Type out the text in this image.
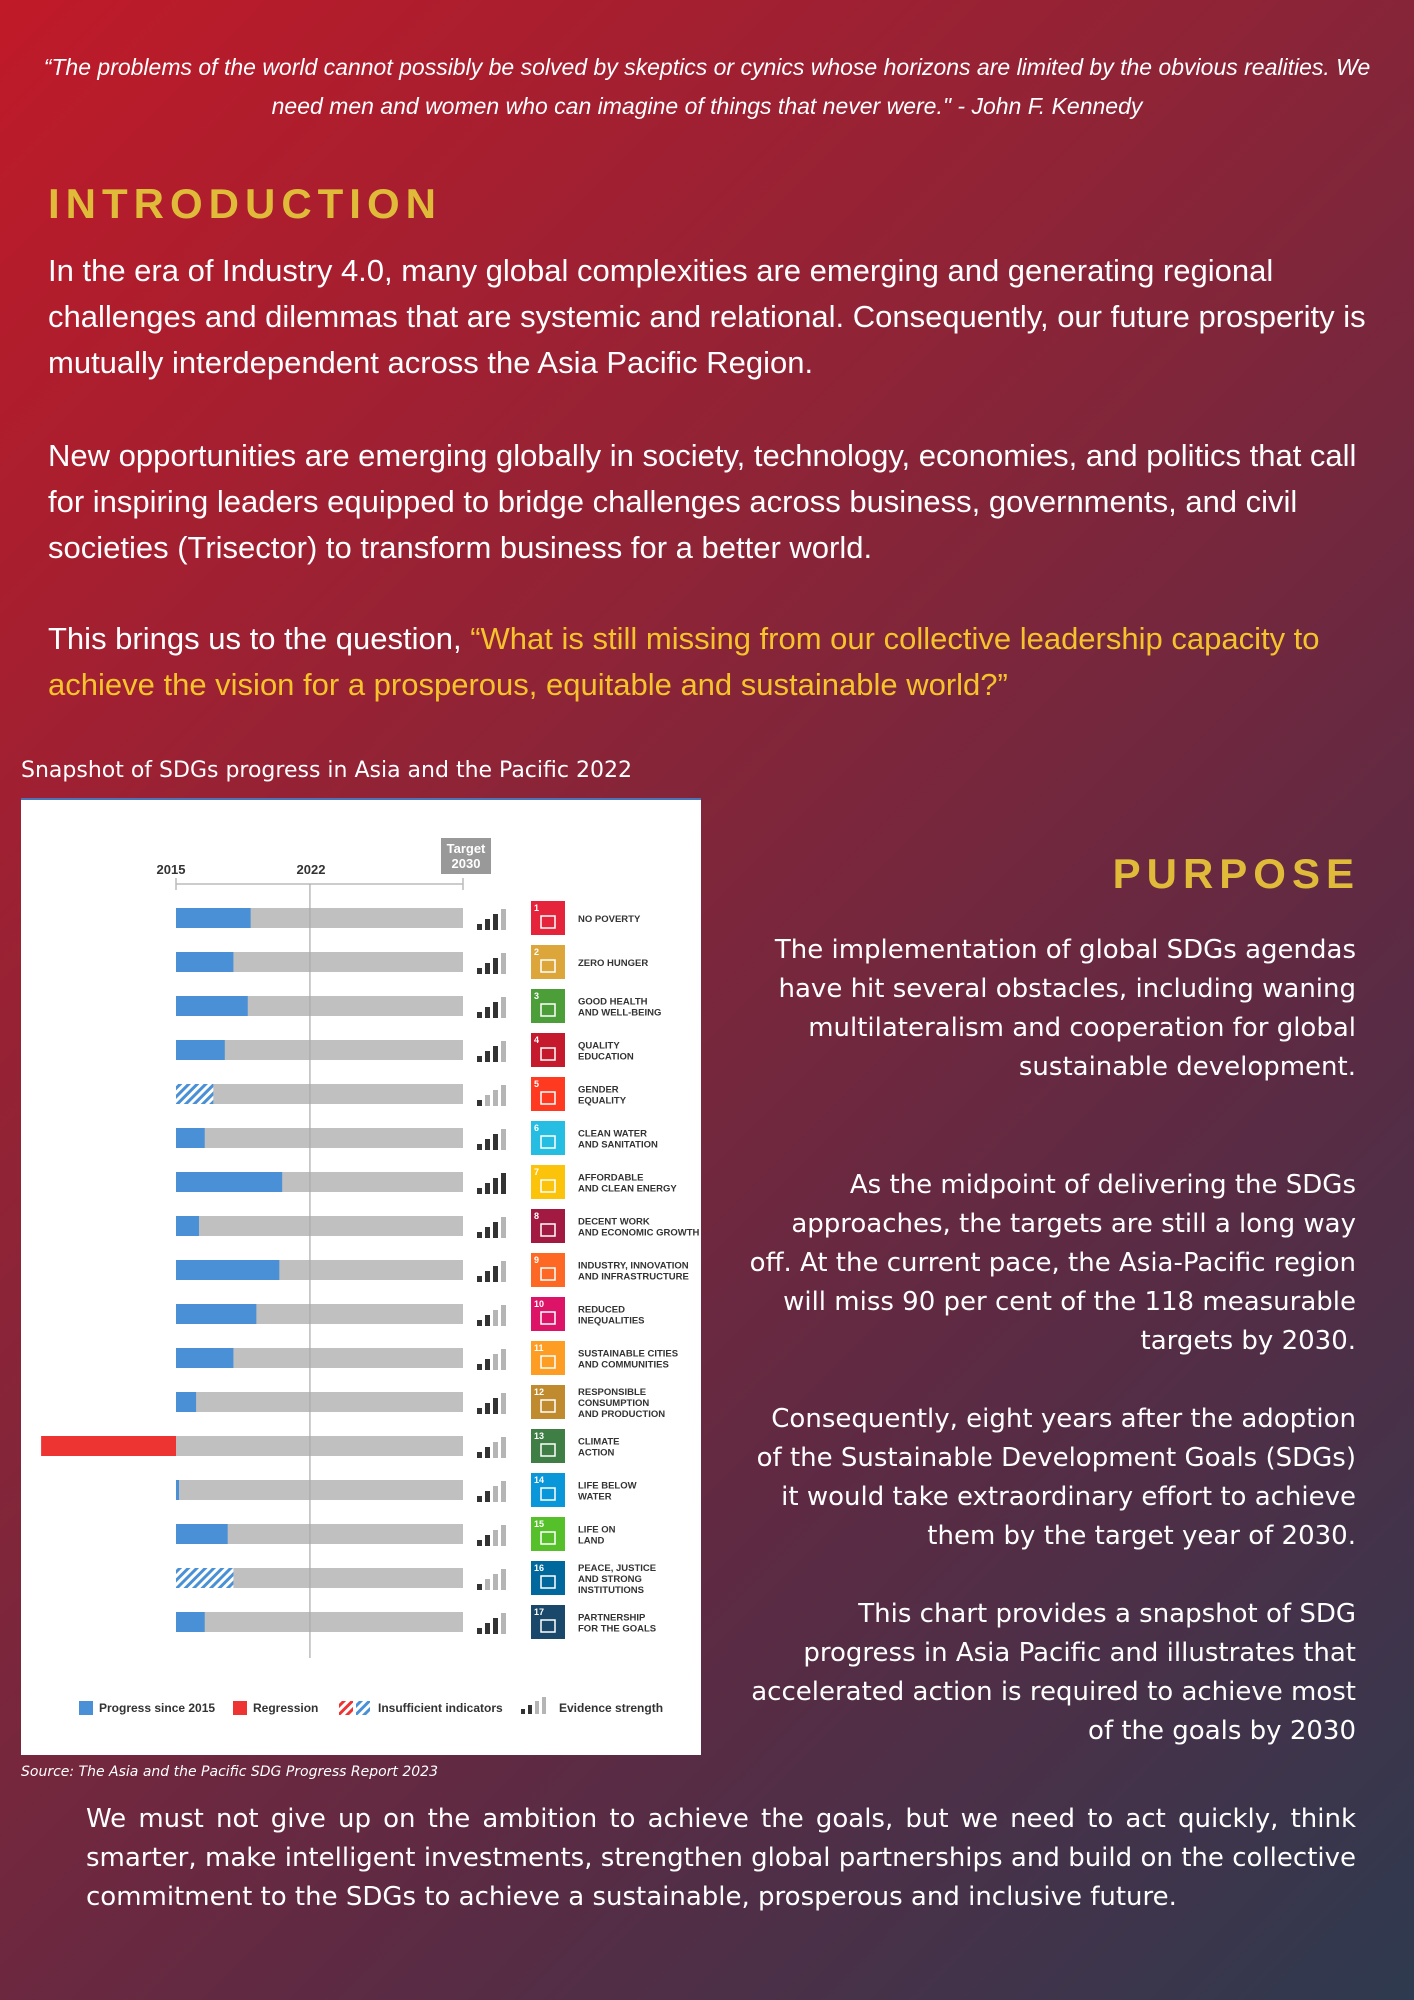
“The problems of the world cannot possibly be solved by skeptics or cynics whose horizons are limited by the obvious realities. We need men and women who can imagine of things that never were." - John F. Kennedy
INTRODUCTION
In the era of Industry 4.0, many global complexities are emerging and generating regional challenges and dilemmas that are systemic and relational. Consequently, our future prosperity is mutually interdependent across the Asia Pacific Region.
New opportunities are emerging globally in society, technology, economies, and politics that call for inspiring leaders equipped to bridge challenges across business, governments, and civil societies (Trisector) to transform business for a better world.
This brings us to the question, “What is still missing from our collective leadership capacity to achieve the vision for a prosperous, equitable and sustainable world?”
Snapshot of SDGs progress in Asia and the Pacific 2022
2015	2022
Target
2030
1
NO POVERTY
2
ZERO HUNGER
3
GOOD HEALTH
AND WELL-BEING
4
QUALITY
EDUCATION
5
GENDER
EQUALITY
6
CLEAN WATER
AND SANITATION
7
AFFORDABLE
AND CLEAN ENERGY
8
DECENT WORK
AND ECONOMIC GROWTH
9
INDUSTRY, INNOVATION
AND INFRASTRUCTURE
10
REDUCED
INEQUALITIES
11
SUSTAINABLE CITIES
AND COMMUNITIES
12	RESPONSIBLE
CONSUMPTION
AND PRODUCTION
13
CLIMATE
ACTION
14
LIFE BELOW
WATER
15
LIFE ON
LAND
16	PEACE, JUSTICE
AND STRONG
INSTITUTIONS
17
PARTNERSHIP
FOR THE GOALS
Progress since 2015	Regression	Insufficient indicators	Evidence strength
Source: The Asia and the Pacific SDG Progress Report 2023
PURPOSE
The implementation of global SDGs agendas have hit several obstacles, including waning multilateralism and cooperation for global sustainable development.
As the midpoint of delivering the SDGs approaches, the targets are still a long way off. At the current pace, the Asia-Pacific region will miss 90 per cent of the 118 measurable targets by 2030.
Consequently, eight years after the adoption of the Sustainable Development Goals (SDGs) it would take extraordinary effort to achieve them by the target year of 2030.
This chart provides a snapshot of SDG progress in Asia Pacific and illustrates that accelerated action is required to achieve most of the goals by 2030
We must not give up on the ambition to achieve the goals, but we need to act quickly, think smarter, make intelligent investments, strengthen global partnerships and build on the collective commitment to the SDGs to achieve a sustainable, prosperous and inclusive future.
